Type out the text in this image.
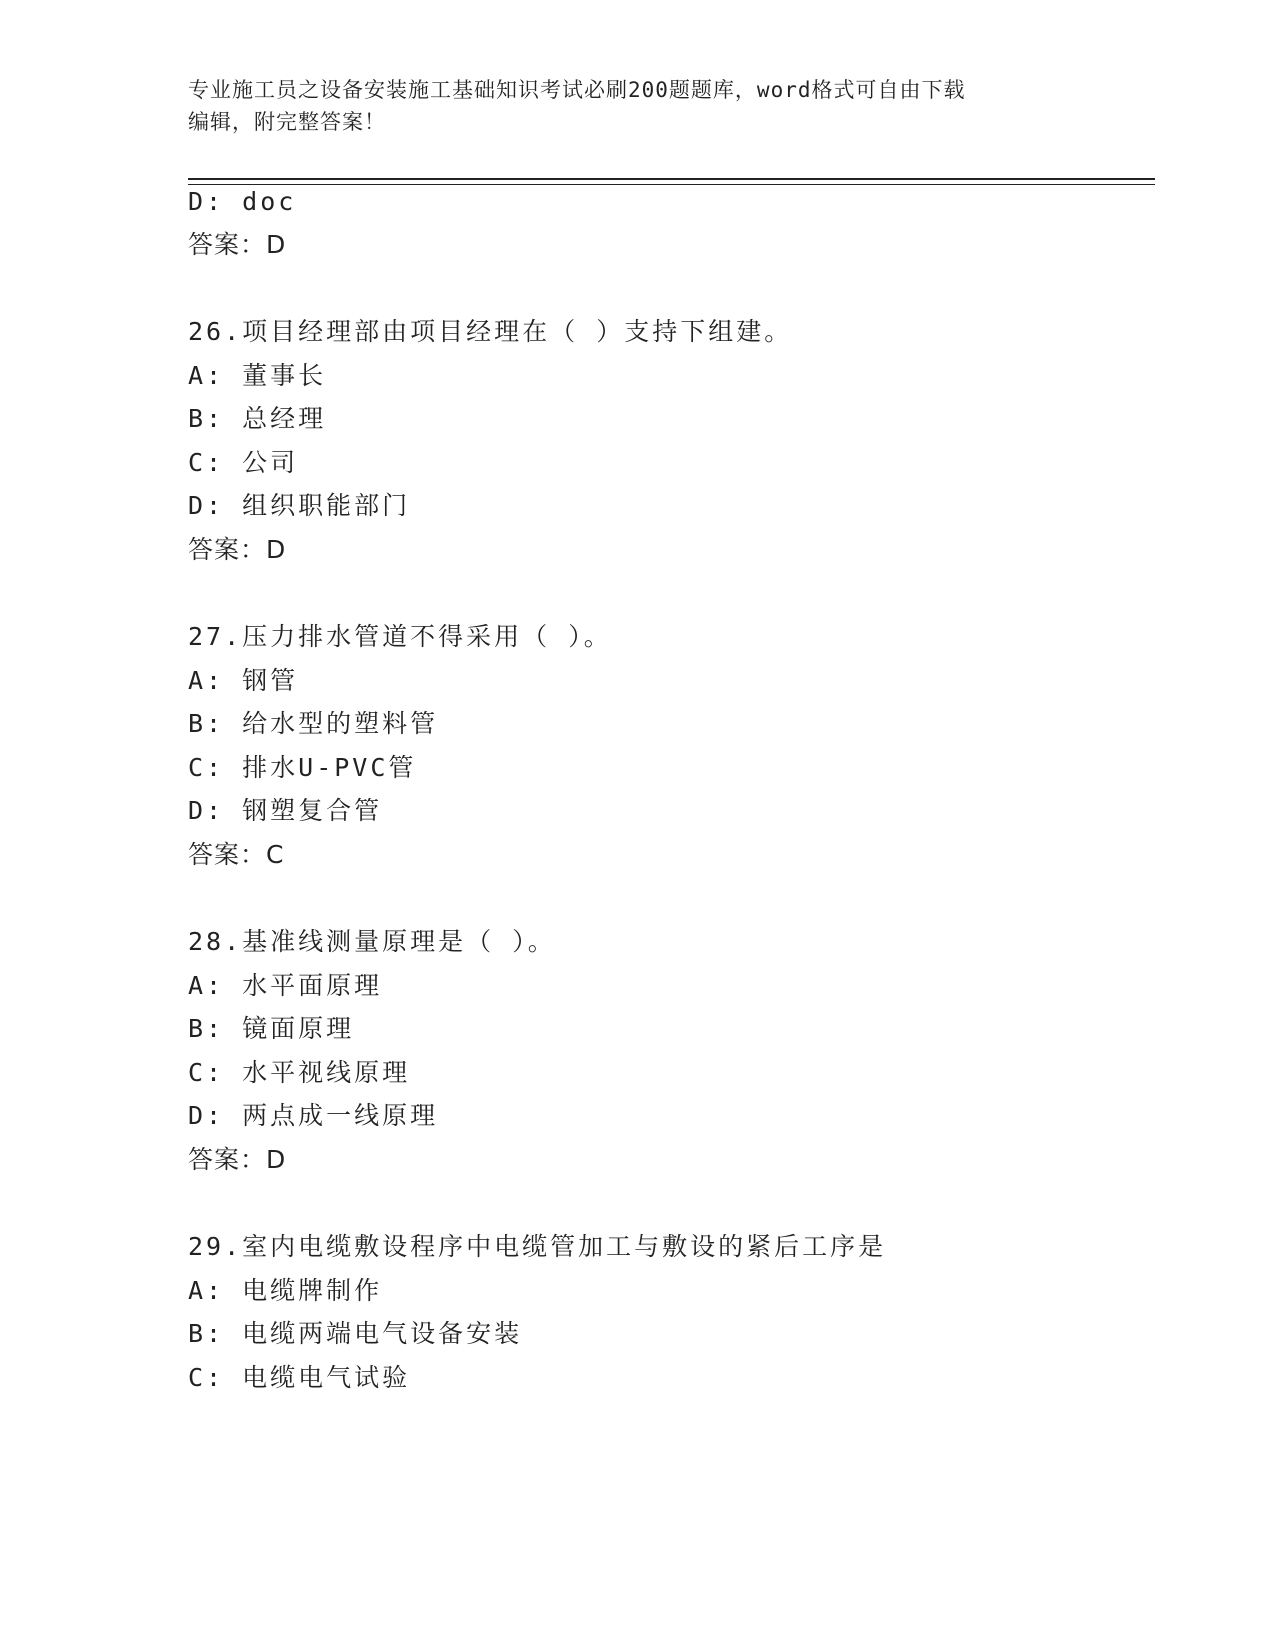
专业施工员之设备安装施工基础知识考试必刷200题题库，word格式可自由下载
编辑，附完整答案！
D: doc
答案：D
26.项目经理部由项目经理在（ ）支持下组建。
A: 董事长
B: 总经理
C: 公司
D: 组织职能部门
答案：D
27.压力排水管道不得采用（ ）。
A: 钢管
B: 给水型的塑料管
C: 排水U-PVC管
D: 钢塑复合管
答案：C
28.基准线测量原理是（ ）。
A: 水平面原理
B: 镜面原理
C: 水平视线原理
D: 两点成一线原理
答案：D
29.室内电缆敷设程序中电缆管加工与敷设的紧后工序是
A: 电缆牌制作
B: 电缆两端电气设备安装
C: 电缆电气试验
